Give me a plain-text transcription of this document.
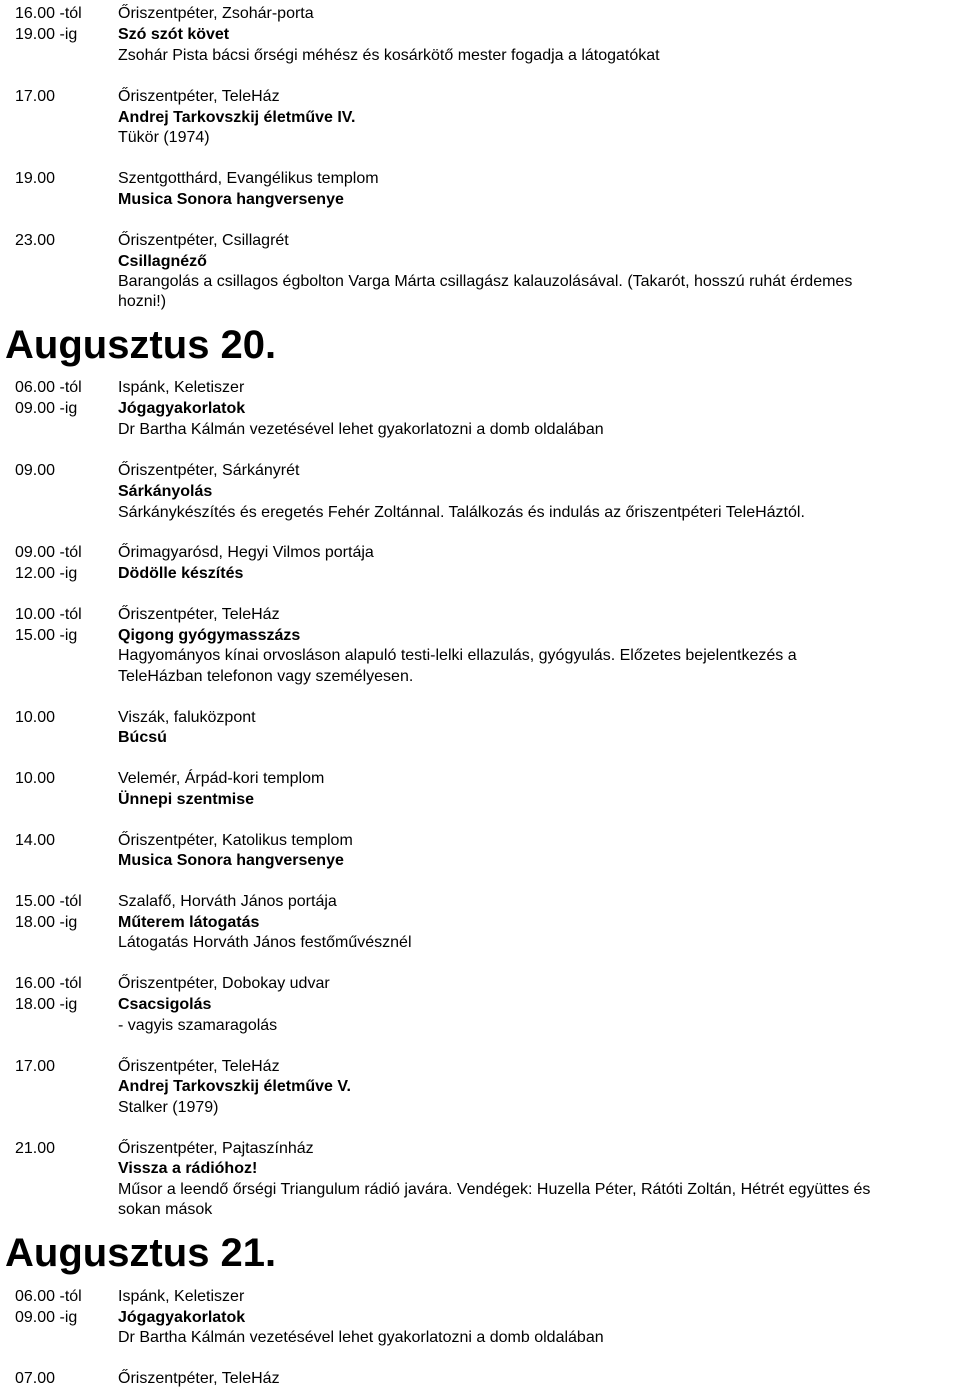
16.00 -tól Őriszentpéter, Zsohár-porta
19.00 -ig	Szó szót követ
Zsohár Pista bácsi őrségi méhész és kosárkötő mester fogadja a látogatókat
17.00	Őriszentpéter, TeleHáz
Andrej Tarkovszkij életműve IV.
Tükör (1974)
19.00	Szentgotthárd, Evangélikus templom
Musica Sonora hangversenye
23.00	Őriszentpéter, Csillagrét
Csillagnéző
Barangolás a csillagos égbolton Varga Márta csillagász kalauzolásával. (Takarót, hosszú ruhát érdemes
hozni!)
Augusztus 20.
06.00 -tól Ispánk, Keletiszer
09.00 -ig	Jógagyakorlatok
Dr Bartha Kálmán vezetésével lehet gyakorlatozni a domb oldalában
09.00	Őriszentpéter, Sárkányrét
Sárkányolás
Sárkánykészítés és eregetés Fehér Zoltánnal. Találkozás és indulás az őriszentpéteri TeleHáztól.
09.00 -tól Őrimagyarósd, Hegyi Vilmos portája
12.00 -ig	Dödölle készítés
10.00 -tól Őriszentpéter, TeleHáz
15.00 -ig	Qigong gyógymasszázs
Hagyományos kínai orvosláson alapuló testi-lelki ellazulás, gyógyulás. Előzetes bejelentkezés a
TeleHázban telefonon vagy személyesen.
10.00	Viszák, faluközpont
Búcsú
10.00	Velemér, Árpád-kori templom
Ünnepi szentmise
14.00	Őriszentpéter, Katolikus templom
Musica Sonora hangversenye
15.00 -tól Szalafő, Horváth János portája
18.00 -ig	Műterem látogatás
Látogatás Horváth János festőművésznél
16.00 -tól Őriszentpéter, Dobokay udvar
18.00 -ig	Csacsigolás
- vagyis szamaragolás
17.00	Őriszentpéter, TeleHáz
Andrej Tarkovszkij életműve V.
Stalker (1979)
21.00	Őriszentpéter, Pajtaszínház
Vissza a rádióhoz!
Műsor a leendő őrségi Triangulum rádió javára. Vendégek: Huzella Péter, Rátóti Zoltán, Hétrét együttes és
sokan mások
Augusztus 21.
06.00 -tól Ispánk, Keletiszer
09.00 -ig	Jógagyakorlatok
Dr Bartha Kálmán vezetésével lehet gyakorlatozni a domb oldalában
07.00	Őriszentpéter, TeleHáz
